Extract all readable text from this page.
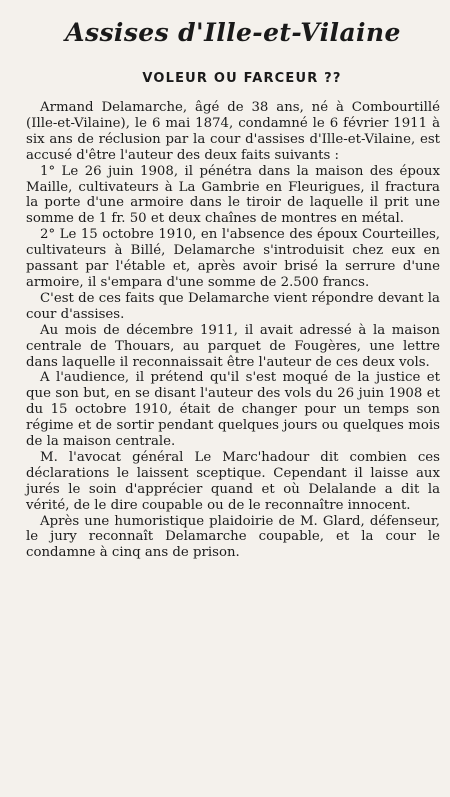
Assises d'Ille-et-Vilaine
VOLEUR OU FARCEUR ??

Armand Delamarche, âgé de 38 ans, né à Combourtillé (Ille-et-Vilaine), le 6 mai 1874, condamné le 6 février 1911 à six ans de réclusion par la cour d'assises d'Ille-et-Vilaine, est accusé d'être l'auteur des deux faits suivants :

1° Le 26 juin 1908, il pénétra dans la maison des époux Maille, cultivateurs à La Gambrie en Fleurigues, il fractura la porte d'une armoire dans le tiroir de laquelle il prit une somme de 1 fr. 50 et deux chaînes de montres en métal.

2° Le 15 octobre 1910, en l'absence des époux Courteilles, cultivateurs à Billé, Delamarche s'introduisit chez eux en passant par l'étable et, après avoir brisé la serrure d'une armoire, il s'empara d'une somme de 2.500 francs.

C'est de ces faits que Delamarche vient répondre devant la cour d'assises.

Au mois de décembre 1911, il avait adressé à la maison centrale de Thouars, au parquet de Fougères, une lettre dans laquelle il reconnaissait être l'auteur de ces deux vols.

A l'audience, il prétend qu'il s'est moqué de la justice et que son but, en se disant l'auteur des vols du 26 juin 1908 et du 15 octobre 1910, était de changer pour un temps son régime et de sortir pendant quelques jours ou quelques mois de la maison centrale.

M. l'avocat général Le Marc'hadour dit combien ces déclarations le laissent sceptique. Cependant il laisse aux jurés le soin d'apprécier quand et où Delalande a dit la vérité, de le dire coupable ou de le reconnaître innocent.

Après une humoristique plaidoirie de M. Glard, défenseur, le jury reconnaît Delamarche coupable, et la cour le condamne à cinq ans de prison.
